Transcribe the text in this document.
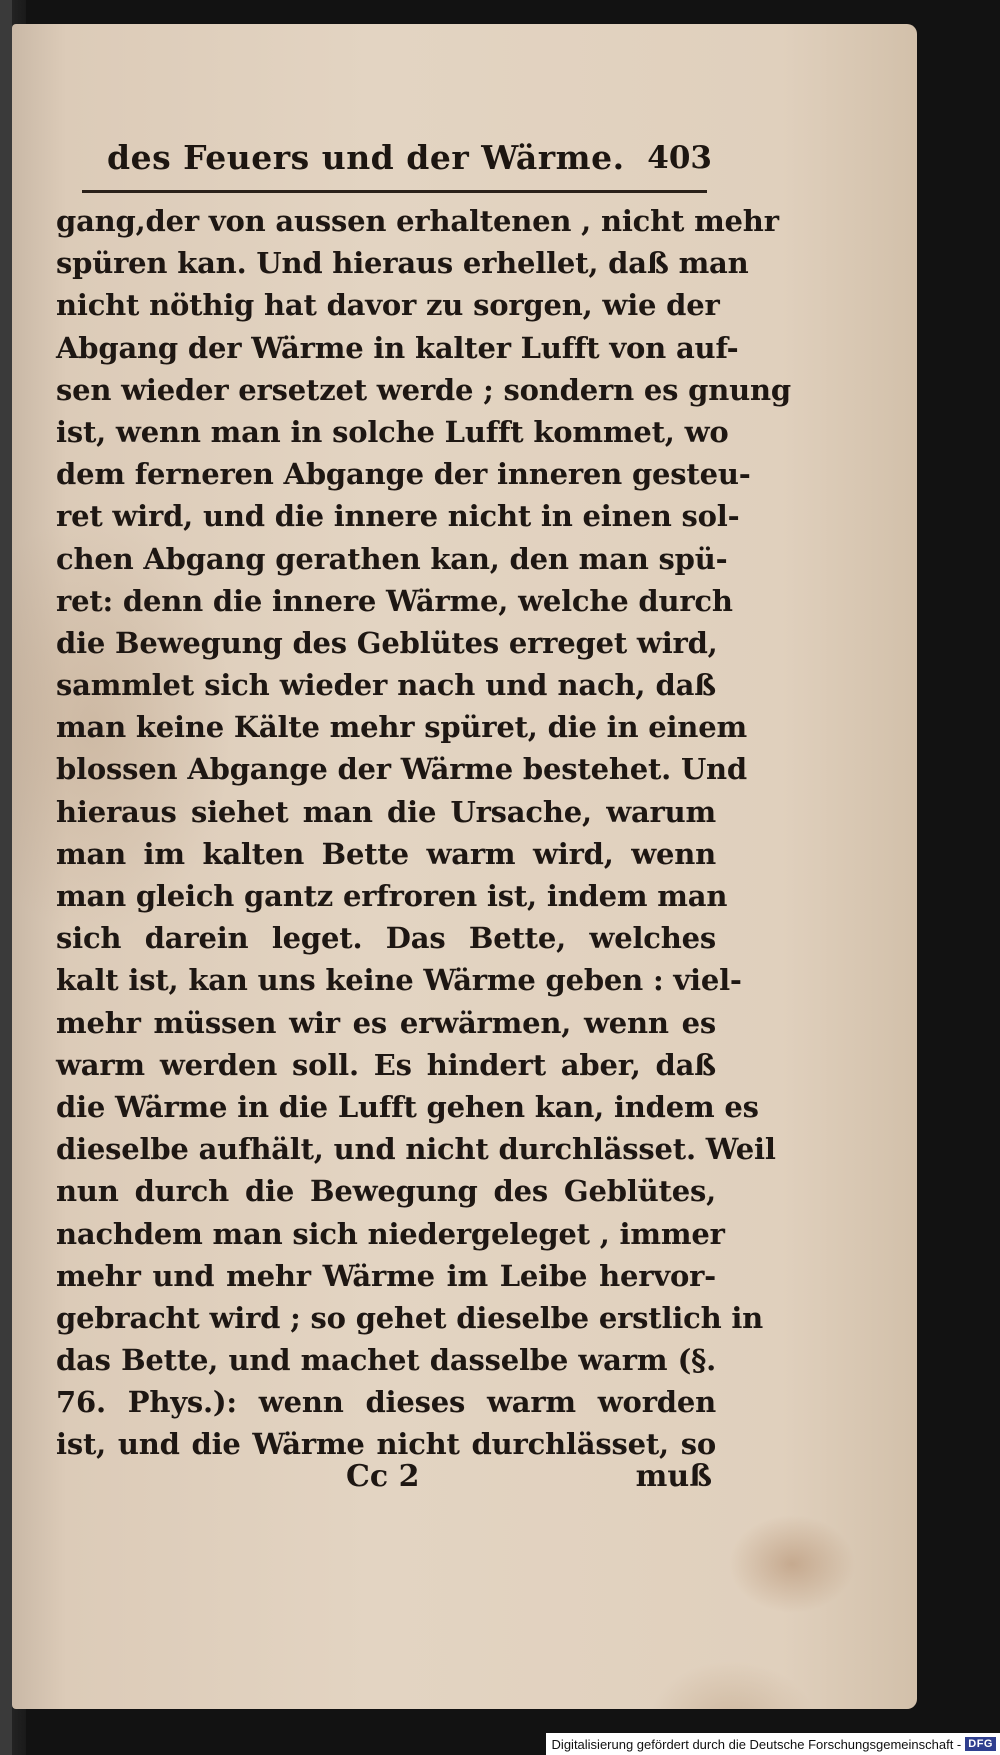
des Feuers und der Wärme. 403
gang,der von aussen erhaltenen , nicht mehr
spüren kan. Und hieraus erhellet, daß man
nicht nöthig hat davor zu sorgen, wie der
Abgang der Wärme in kalter Lufft von auf-
sen wieder ersetzet werde ; sondern es gnung
ist, wenn man in solche Lufft kommet, wo
dem ferneren Abgange der inneren gesteu-
ret wird, und die innere nicht in einen sol-
chen Abgang gerathen kan, den man spü-
ret: denn die innere Wärme, welche durch
die Bewegung des Geblütes erreget wird,
sammlet sich wieder nach und nach, daß
man keine Kälte mehr spüret, die in einem
blossen Abgange der Wärme bestehet. Und
hieraus siehet man die Ursache, warum
man im kalten Bette warm wird, wenn
man gleich gantz erfroren ist, indem man
sich darein leget. Das Bette, welches
kalt ist, kan uns keine Wärme geben : viel-
mehr müssen wir es erwärmen, wenn es
warm werden soll. Es hindert aber, daß
die Wärme in die Lufft gehen kan, indem es
dieselbe aufhält, und nicht durchlässet. Weil
nun durch die Bewegung des Geblütes,
nachdem man sich niedergeleget , immer
mehr und mehr Wärme im Leibe hervor-
gebracht wird ; so gehet dieselbe erstlich in
das Bette, und machet dasselbe warm (§.
76. Phys.): wenn dieses warm worden
ist, und die Wärme nicht durchlässet, so
Cc 2	muß
Digitalisierung gefördert durch die Deutsche Forschungsgemeinschaft - DFG
